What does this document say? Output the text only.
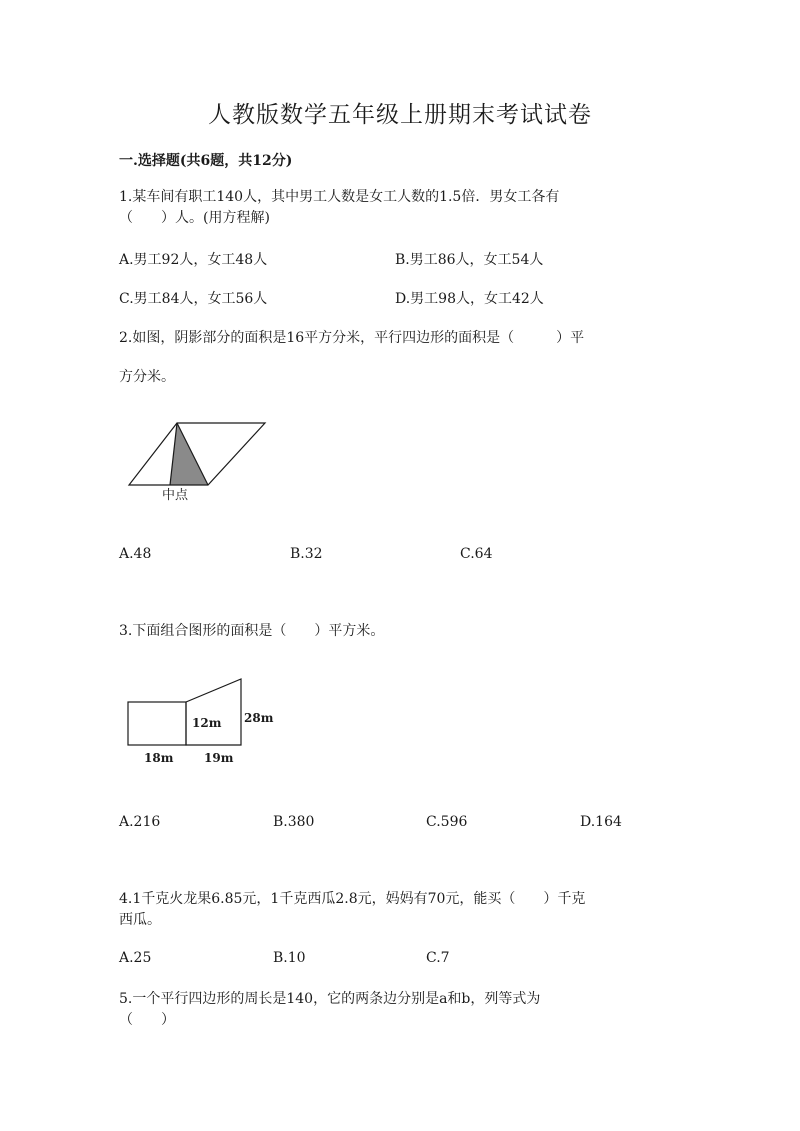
人教版数学五年级上册期末考试试卷
一.选择题(共6题，共12分)
1.某车间有职工140人，其中男工人数是女工人数的1.5倍．男女工各有
（　　）人。(用方程解)
A.男工92人，女工48人	B.男工86人，女工54人
C.男工84人，女工56人	D.男工98人，女工42人
2.如图，阴影部分的面积是16平方分米，平行四边形的面积是（　　　）平
方分米。
中点
A.48	B.32	C.64
3.下面组合图形的面积是（　　）平方米。
12m 28m
18m	19m
A.216	B.380	C.596	D.164
4.1千克火龙果6.85元，1千克西瓜2.8元，妈妈有70元，能买（　　）千克
西瓜。
A.25	B.10	C.7
5.一个平行四边形的周长是140，它的两条边分别是a和b，列等式为
（　　）
